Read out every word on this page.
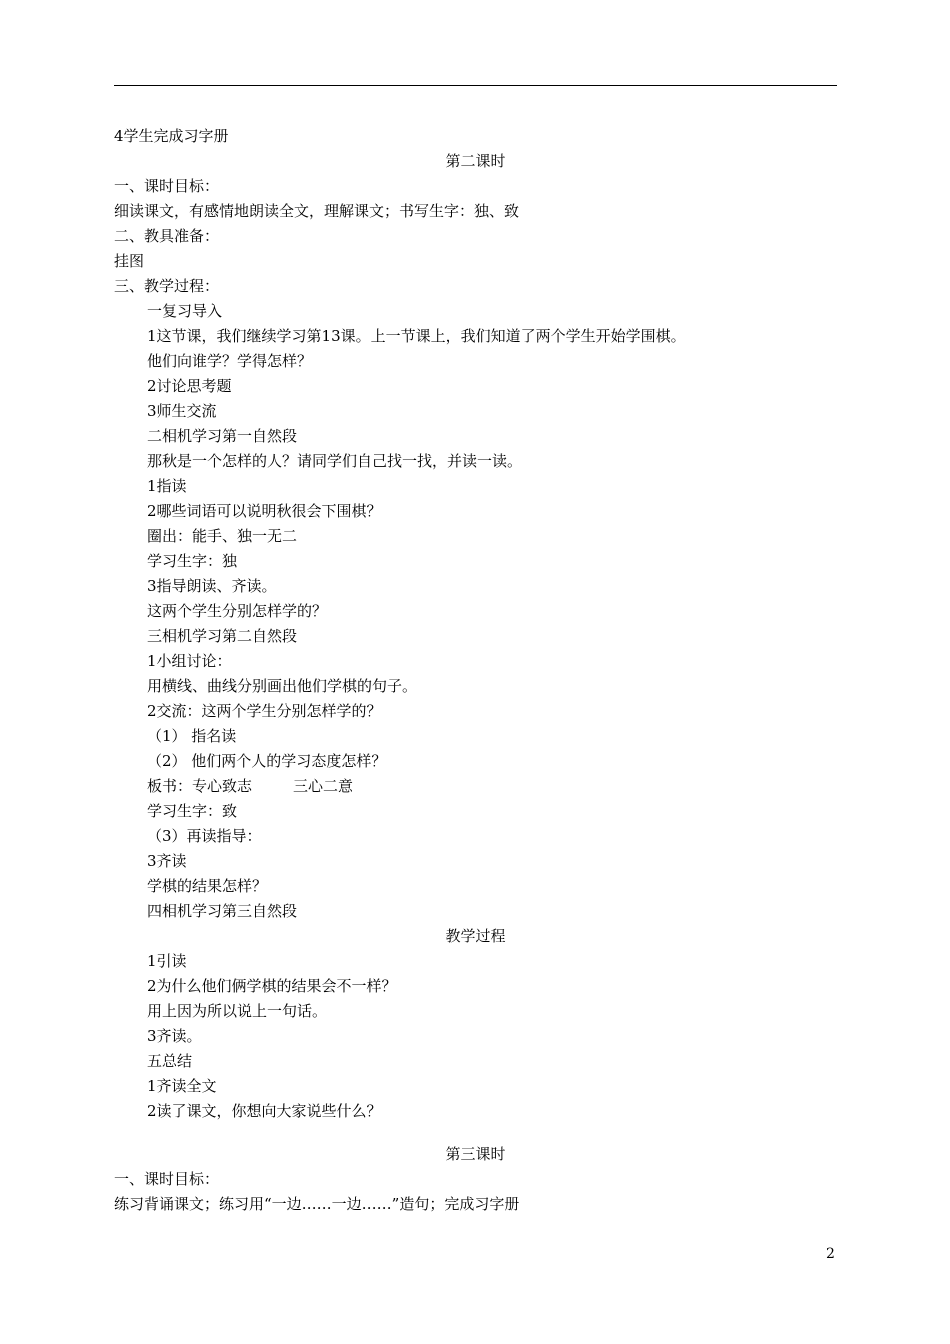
4学生完成习字册
第二课时
一、课时目标：
细读课文，有感情地朗读全文，理解课文；书写生字：独、致
二、教具准备：
挂图
三、教学过程：
一复习导入
1这节课，我们继续学习第13课。上一节课上，我们知道了两个学生开始学围棋。
他们向谁学？学得怎样？
2讨论思考题
3师生交流
二相机学习第一自然段
那秋是一个怎样的人？请同学们自己找一找，并读一读。
1指读
2哪些词语可以说明秋很会下围棋？
圈出：能手、独一无二
学习生字：独
3指导朗读、齐读。
这两个学生分别怎样学的？
三相机学习第二自然段
1小组讨论：
用横线、曲线分别画出他们学棋的句子。
2交流：这两个学生分别怎样学的？
（1） 指名读
（2） 他们两个人的学习态度怎样？
板书：专心致志	三心二意
学习生字：致
（3）再读指导：
3齐读
学棋的结果怎样？
四相机学习第三自然段
教学过程
1引读
2为什么他们俩学棋的结果会不一样？
用上因为所以说上一句话。
3齐读。
五总结
1齐读全文
2读了课文，你想向大家说些什么？
第三课时
一、课时目标：
练习背诵课文；练习用“一边……一边……”造句；完成习字册
2
